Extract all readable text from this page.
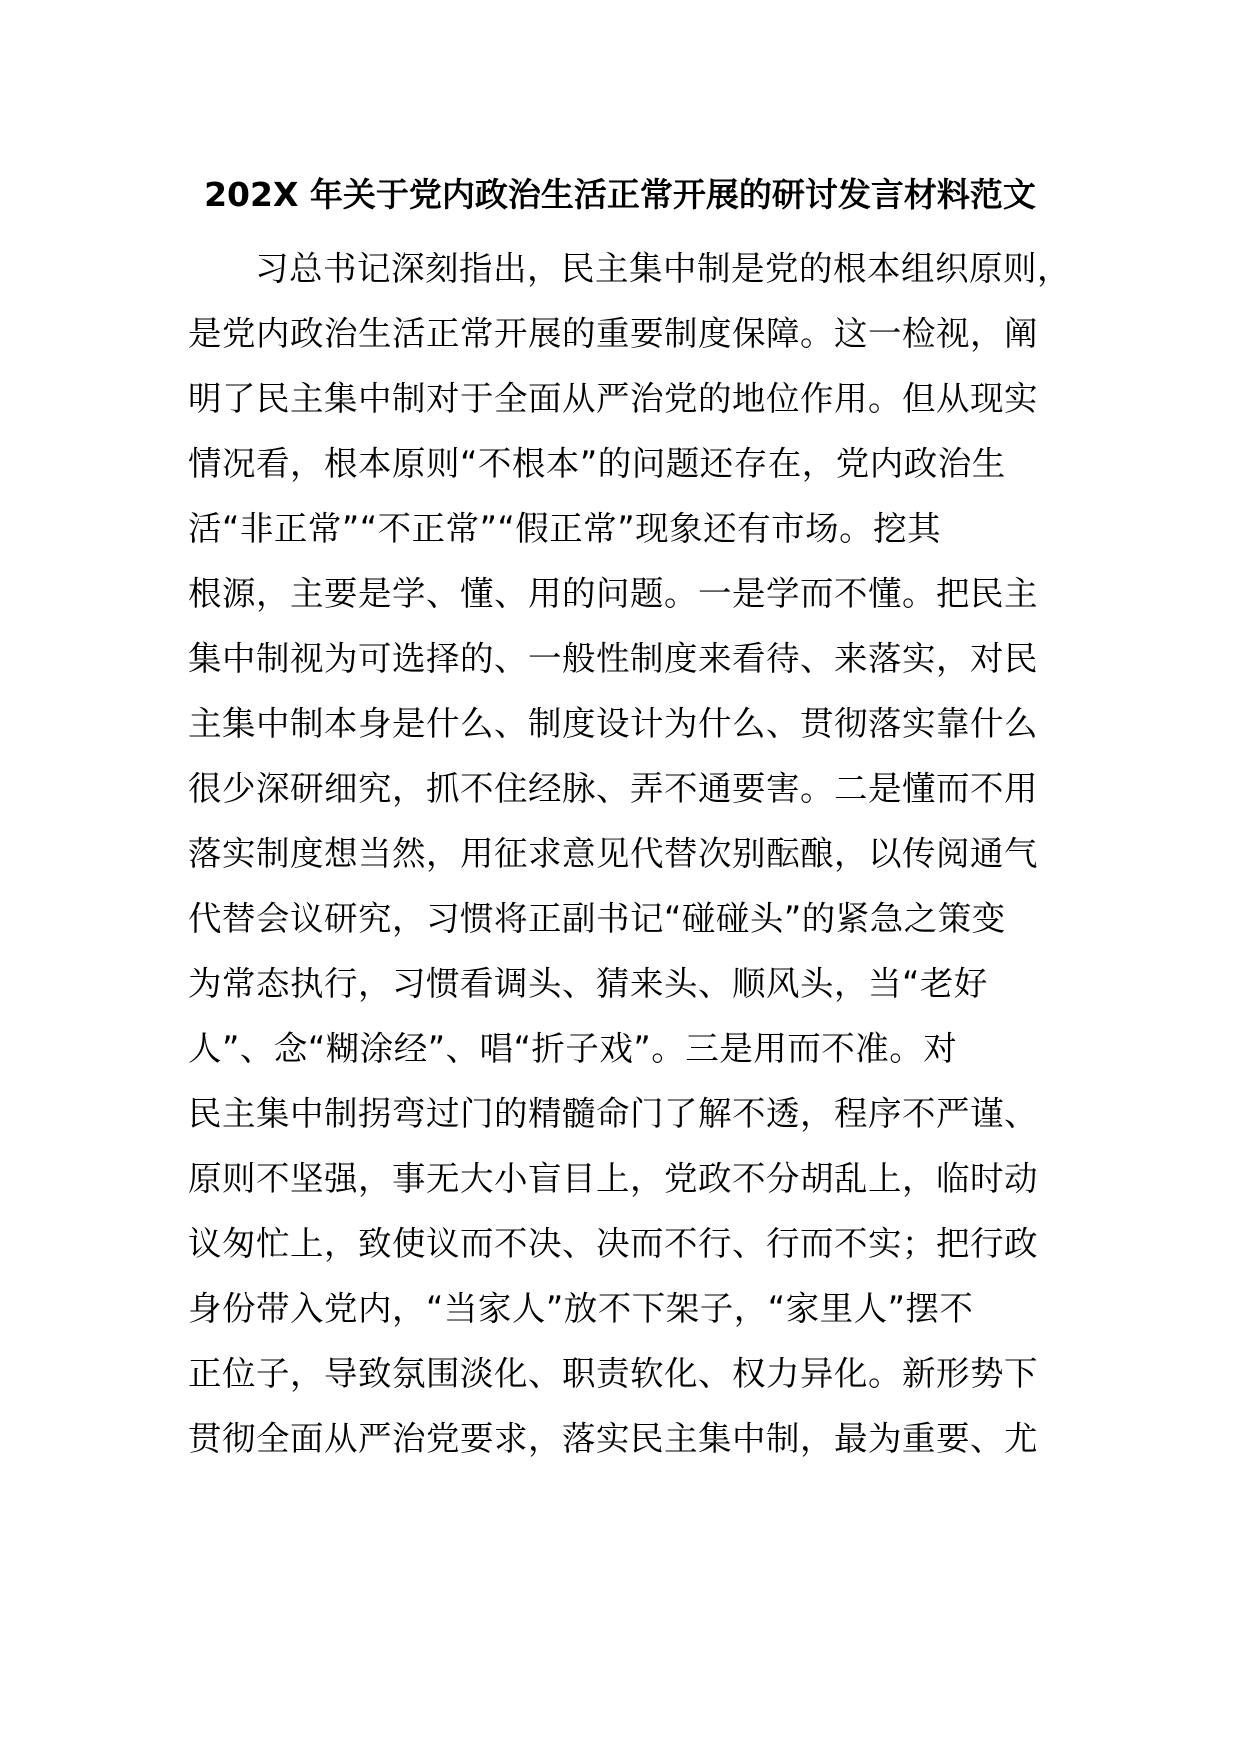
202X 年关于党内政治生活正常开展的研讨发言材料范文
习总书记深刻指出，民主集中制是党的根本组织原则，
是党内政治生活正常开展的重要制度保障。这一检视，阐
明了民主集中制对于全面从严治党的地位作用。但从现实
情况看，根本原则“不根本”的问题还存在，党内政治生
活“非正常”“不正常”“假正常”现象还有市场。挖其
根源，主要是学、懂、用的问题。一是学而不懂。把民主
集中制视为可选择的、一般性制度来看待、来落实，对民
主集中制本身是什么、制度设计为什么、贯彻落实靠什么
很少深研细究，抓不住经脉、弄不通要害。二是懂而不用
落实制度想当然，用征求意见代替次别酝酿，以传阅通气
代替会议研究，习惯将正副书记“碰碰头”的紧急之策变
为常态执行，习惯看调头、猜来头、顺风头，当“老好
人”、念“糊涂经”、唱“折子戏”。三是用而不准。对
民主集中制拐弯过门的精髓命门了解不透，程序不严谨、
原则不坚强，事无大小盲目上，党政不分胡乱上，临时动
议匆忙上，致使议而不决、决而不行、行而不实；把行政
身份带入党内，“当家人”放不下架子，“家里人”摆不
正位子，导致氛围淡化、职责软化、权力异化。新形势下
贯彻全面从严治党要求，落实民主集中制，最为重要、尤
